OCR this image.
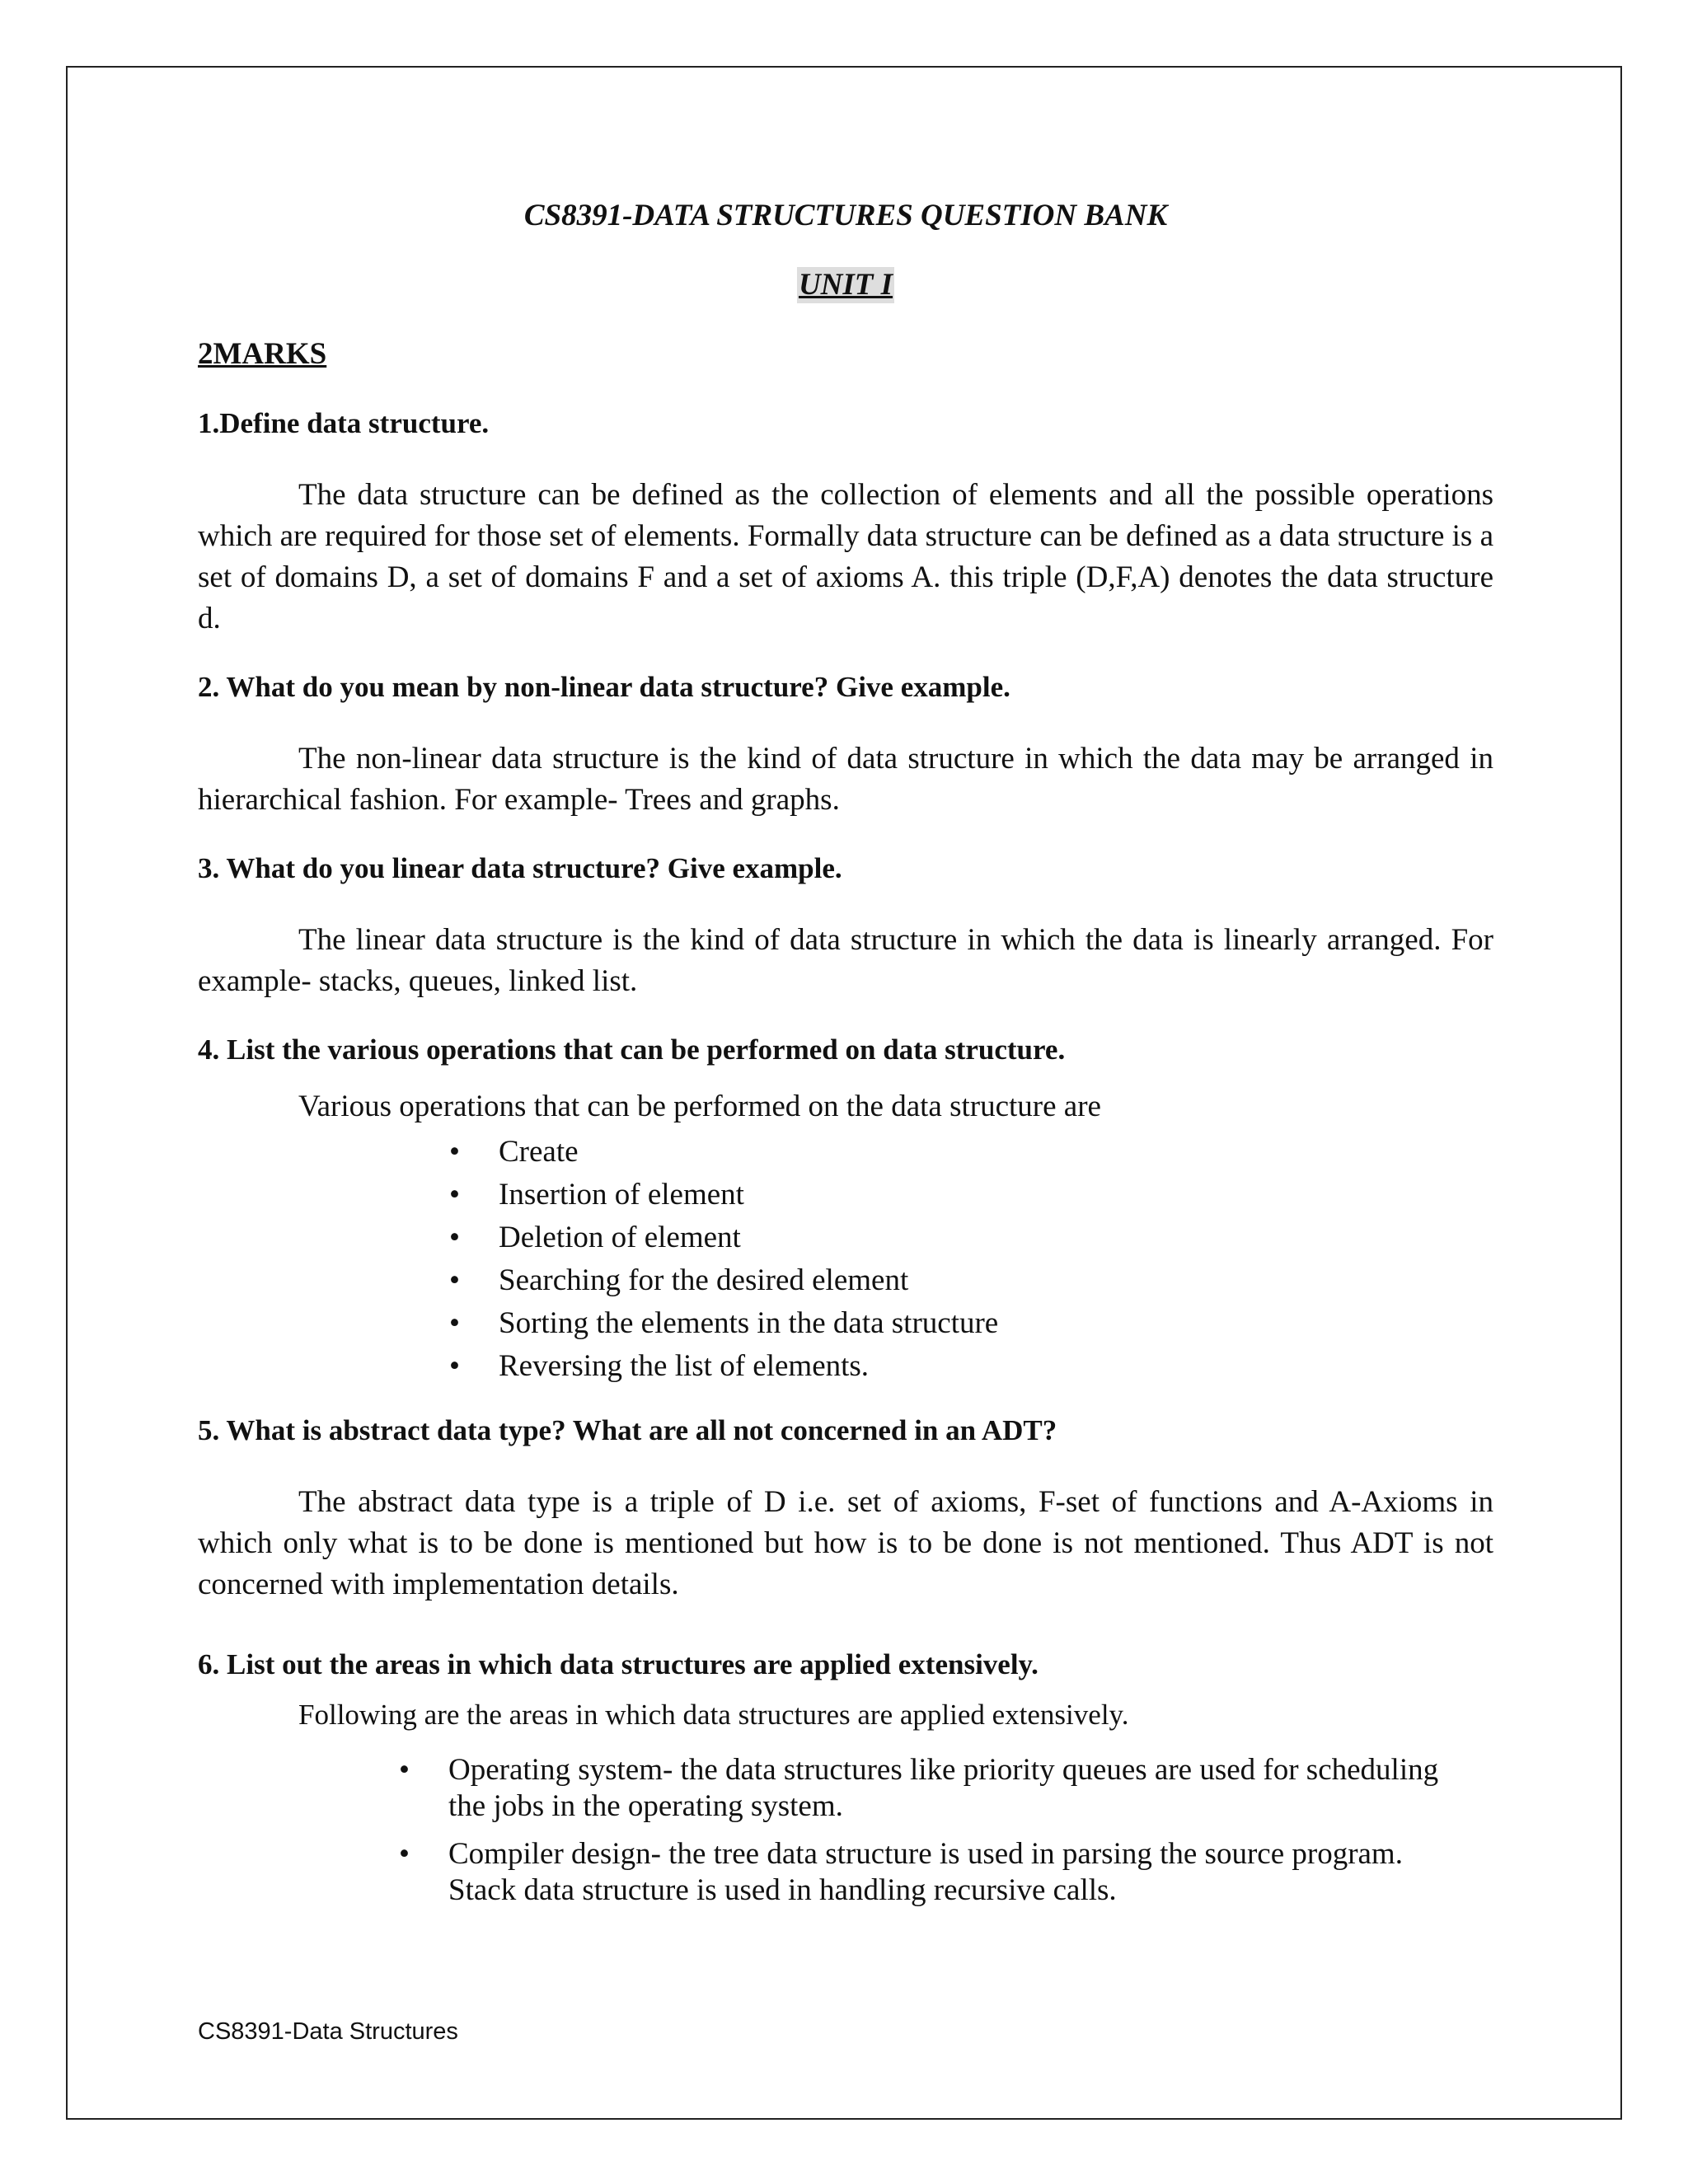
CS8391-DATA STRUCTURES QUESTION BANK
UNIT I
2MARKS
1.Define data structure.

The data structure can be defined as the collection of elements and all the possible operations which are required for those set of elements. Formally data structure can be defined as a data structure is a set of domains D, a set of domains F and a set of axioms A. this triple (D,F,A) denotes the data structure d.

2. What do you mean by non-linear data structure? Give example.

The non-linear data structure is the kind of data structure in which the data may be arranged in hierarchical fashion. For example- Trees and graphs.

3. What do you linear data structure? Give example.

The linear data structure is the kind of data structure in which the data is linearly arranged. For example- stacks, queues, linked list.

4. List the various operations that can be performed on data structure.
Various operations that can be performed on the data structure are
• Create
• Insertion of element
• Deletion of element
• Searching for the desired element
• Sorting the elements in the data structure
• Reversing the list of elements.
5. What is abstract data type? What are all not concerned in an ADT?

The abstract data type is a triple of D i.e. set of axioms, F-set of functions and A-Axioms in which only what is to be done is mentioned but how is to be done is not mentioned. Thus ADT is not concerned with implementation details.

6. List out the areas in which data structures are applied extensively.
Following are the areas in which data structures are applied extensively.
• Operating system- the data structures like priority queues are used for scheduling the jobs in the operating system.
• Compiler design- the tree data structure is used in parsing the source program. Stack data structure is used in handling recursive calls.
CS8391-Data Structures
